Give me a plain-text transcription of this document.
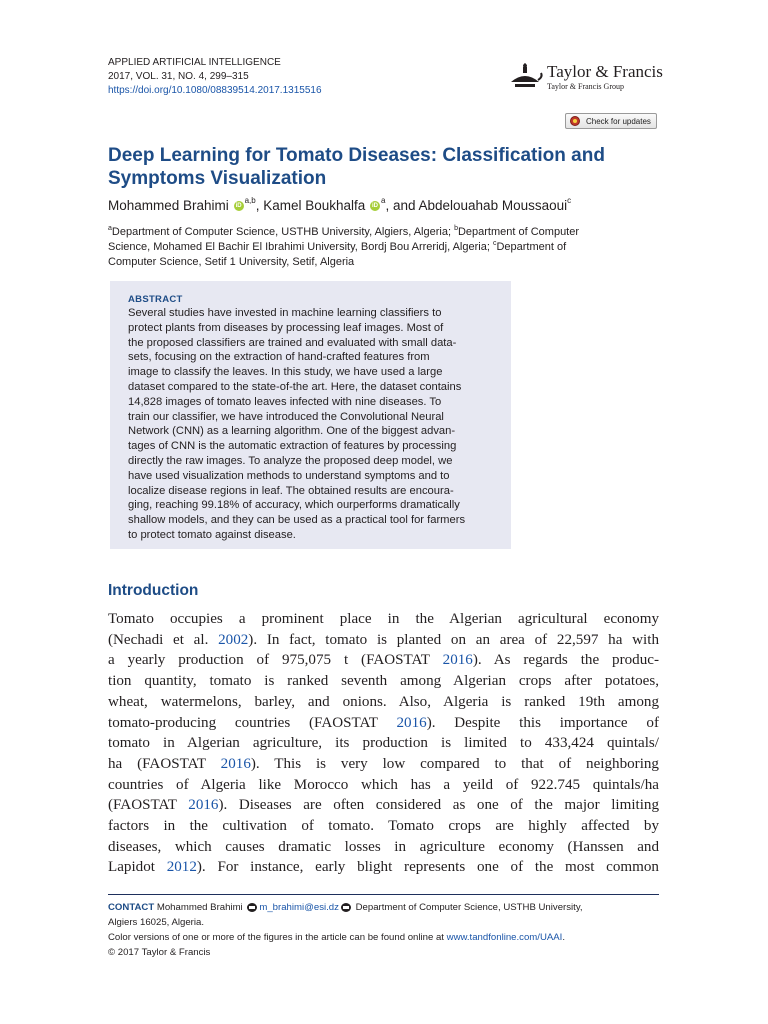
APPLIED ARTIFICIAL INTELLIGENCE
2017, VOL. 31, NO. 4, 299–315
https://doi.org/10.1080/08839514.2017.1315516
Taylor & Francis
Taylor & Francis Group
Check for updates
Deep Learning for Tomato Diseases: Classification and
Symptoms Visualization
Mohammed Brahimi iD$^{a,b}$, Kamel Boukhalfa $iD^a$, and Abdelouahab Moussaoui$^c$
$^a$Department of Computer Science, USTHB University, Algiers, Algeria; $^b$Department of Computer
Science, Mohamed El Bachir El Ibrahimi University, Bordj Bou Arreridj, Algeria; $^c$Department of
Computer Science, Setif 1 University, Setif, Algeria
ABSTRACT

Several studies have invested in machine learning classifiers to

protect plants from diseases by processing leaf images. Most of

the proposed classifiers are trained and evaluated with small data-

sets, focusing on the extraction of hand-crafted features from

image to classify the leaves. In this study, we have used a large

dataset compared to the state-of-the art. Here, the dataset contains

14,828 images of tomato leaves infected with nine diseases. To

train our classifier, we have introduced the Convolutional Neural

Network (CNN) as a learning algorithm. One of the biggest advan-

tages of CNN is the automatic extraction of features by processing

directly the raw images. To analyze the proposed deep model, we

have used visualization methods to understand symptoms and to

localize disease regions in leaf. The obtained results are encoura-

ging, reaching 99.18% of accuracy, which ourperforms dramatically

shallow models, and they can be used as a practical tool for farmers

to protect tomato against disease.

Introduction

Tomato occupies a prominent place in the Algerian agricultural economy

(Nechadi et al. 2002). In fact, tomato is planted on an area of 22,597 ha with

a yearly production of 975,075 t (FAOSTAT 2016). As regards the produc-

tion quantity, tomato is ranked seventh among Algerian crops after potatoes,

wheat, watermelons, barley, and onions. Also, Algeria is ranked 19th among

tomato-producing countries (FAOSTAT 2016). Despite this importance of

tomato in Algerian agriculture, its production is limited to 433,424 quintals/

ha (FAOSTAT 2016). This is very low compared to that of neighboring

countries of Algeria like Morocco which has a yeild of 922.745 quintals/ha

(FAOSTAT 2016). Diseases are often considered as one of the major limiting

factors in the cultivation of tomato. Tomato crops are highly affected by

diseases, which causes dramatic losses in agriculture economy (Hanssen and

Lapidot 2012). For instance, early blight represents one of the most common

CONTACT Mohammed Brahimi m_brahimi@esi.dz Department of Computer Science, USTHB University,

Algiers 16025, Algeria.

Color versions of one or more of the figures in the article can be found online at www.tandfonline.com/UAAI.

© 2017 Taylor & Francis
